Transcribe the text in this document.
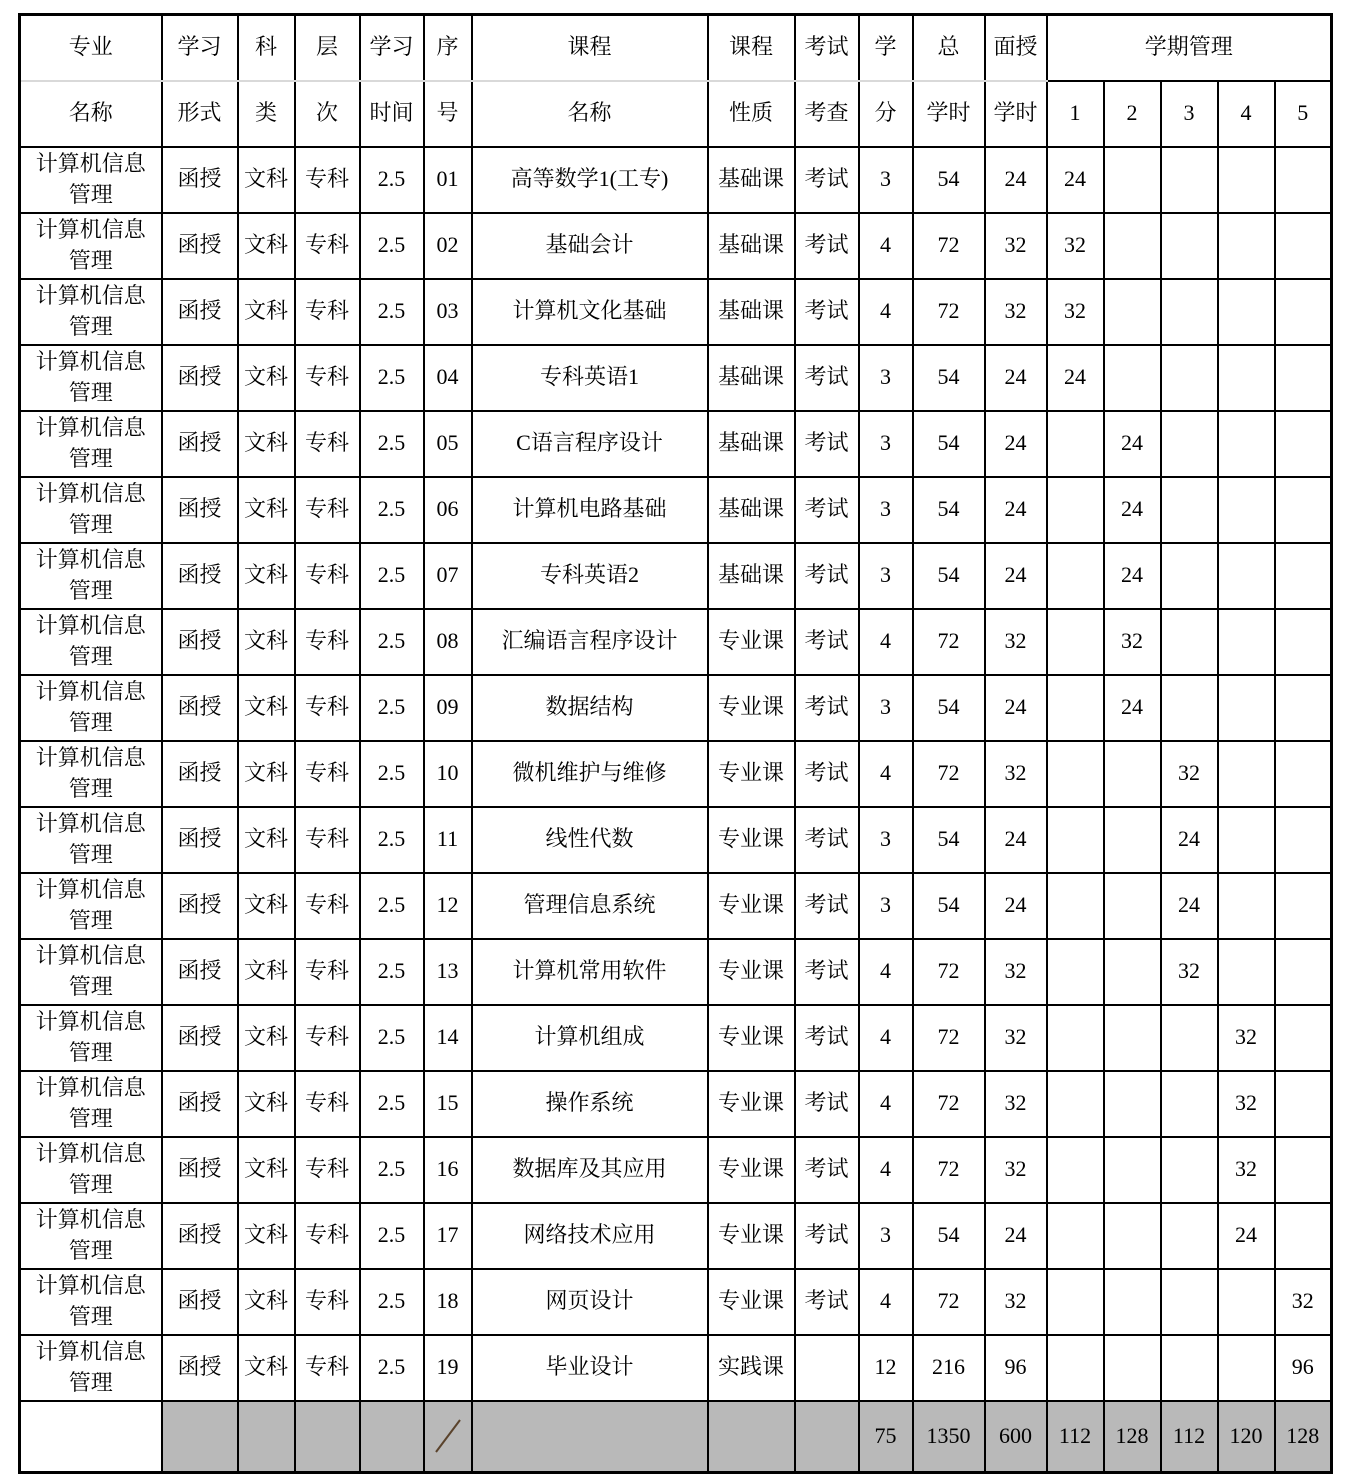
专业	学习	科	层	学习	序	课程	课程	考试	学	总	面授	学期管理				
名称	形式	类	次	时间	号	名称	性质	考查	分	学时	学时	1	2	3	4	5
计算机信息管理	函授	文科	专科	2.5	01	高等数学1(工专)	基础课	考试	3	54	24	24				
计算机信息管理	函授	文科	专科	2.5	02	基础会计	基础课	考试	4	72	32	32				
计算机信息管理	函授	文科	专科	2.5	03	计算机文化基础	基础课	考试	4	72	32	32				
计算机信息管理	函授	文科	专科	2.5	04	专科英语1	基础课	考试	3	54	24	24				
计算机信息管理	函授	文科	专科	2.5	05	C语言程序设计	基础课	考试	3	54	24		24			
计算机信息管理	函授	文科	专科	2.5	06	计算机电路基础	基础课	考试	3	54	24		24			
计算机信息管理	函授	文科	专科	2.5	07	专科英语2	基础课	考试	3	54	24		24			
计算机信息管理	函授	文科	专科	2.5	08	汇编语言程序设计	专业课	考试	4	72	32		32			
计算机信息管理	函授	文科	专科	2.5	09	数据结构	专业课	考试	3	54	24		24			
计算机信息管理	函授	文科	专科	2.5	10	微机维护与维修	专业课	考试	4	72	32			32		
计算机信息管理	函授	文科	专科	2.5	11	线性代数	专业课	考试	3	54	24			24		
计算机信息管理	函授	文科	专科	2.5	12	管理信息系统	专业课	考试	3	54	24			24		
计算机信息管理	函授	文科	专科	2.5	13	计算机常用软件	专业课	考试	4	72	32			32		
计算机信息管理	函授	文科	专科	2.5	14	计算机组成	专业课	考试	4	72	32				32	
计算机信息管理	函授	文科	专科	2.5	15	操作系统	专业课	考试	4	72	32				32	
计算机信息管理	函授	文科	专科	2.5	16	数据库及其应用	专业课	考试	4	72	32				32	
计算机信息管理	函授	文科	专科	2.5	17	网络技术应用	专业课	考试	3	54	24				24	
计算机信息管理	函授	文科	专科	2.5	18	网页设计	专业课	考试	4	72	32					32
计算机信息管理	函授	文科	专科	2.5	19	毕业设计	实践课		12	216	96					96
									75	1350	600	112	128	112	120	128
